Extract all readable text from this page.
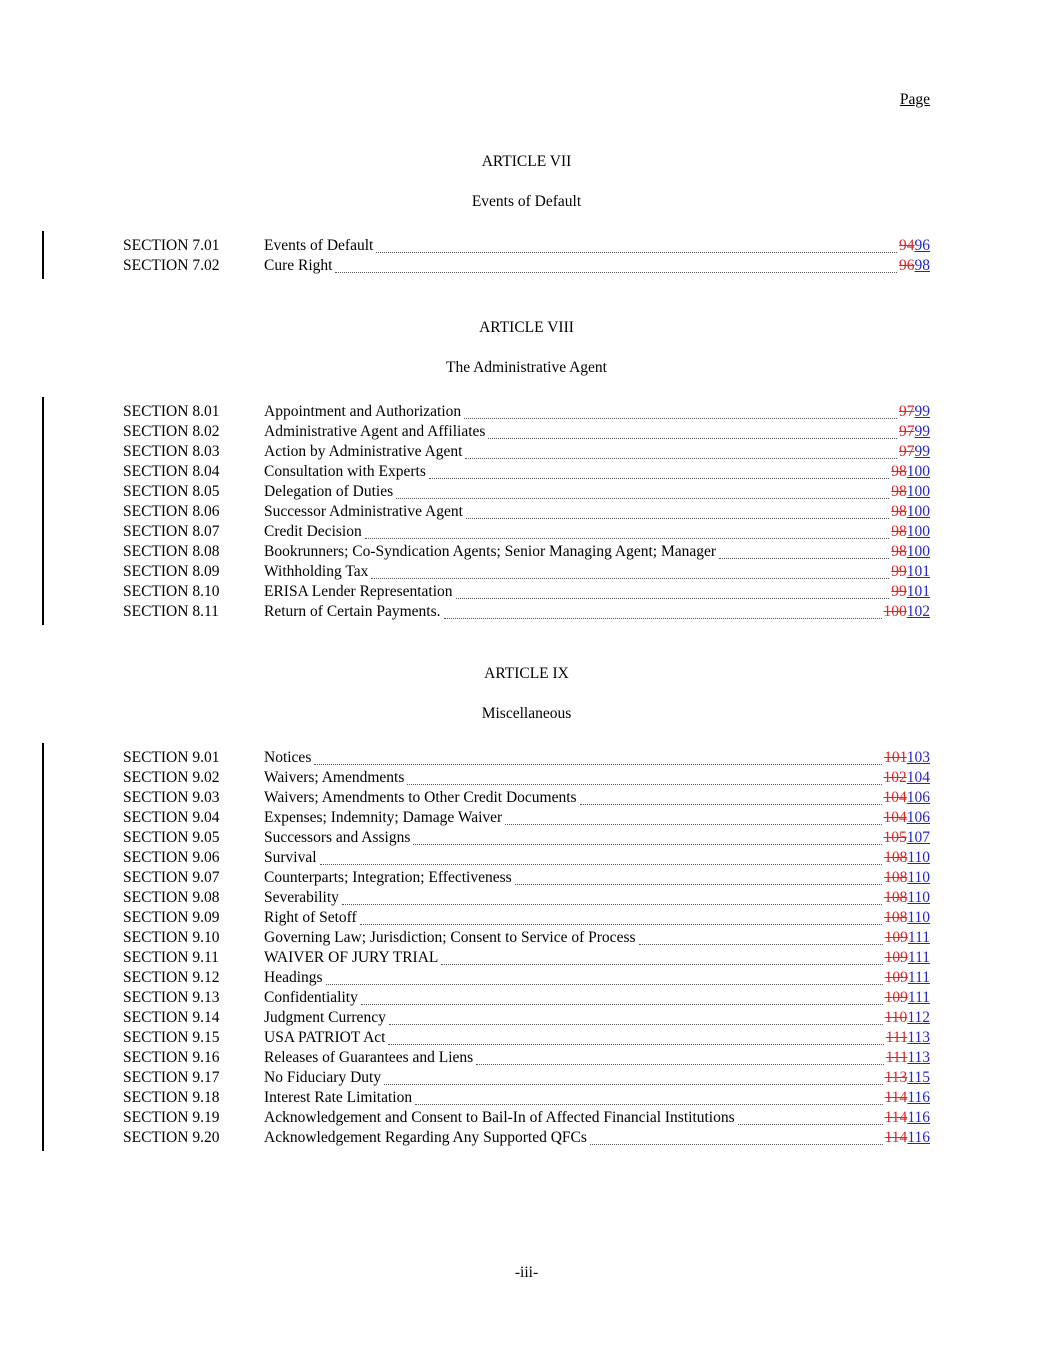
Page
ARTICLE VII
Events of Default
SECTION 7.01	Events of Default	9496
SECTION 7.02	Cure Right	9698
ARTICLE VIII
The Administrative Agent
SECTION 8.01	Appointment and Authorization	9799
SECTION 8.02	Administrative Agent and Affiliates	9799
SECTION 8.03	Action by Administrative Agent	9799
SECTION 8.04	Consultation with Experts	98100
SECTION 8.05	Delegation of Duties	98100
SECTION 8.06	Successor Administrative Agent	98100
SECTION 8.07	Credit Decision	98100
SECTION 8.08	Bookrunners; Co-Syndication Agents; Senior Managing Agent; Manager	98100
SECTION 8.09	Withholding Tax	99101
SECTION 8.10	ERISA Lender Representation	99101
SECTION 8.11	Return of Certain Payments.	100102
ARTICLE IX
Miscellaneous
SECTION 9.01	Notices	101103
SECTION 9.02	Waivers; Amendments	102104
SECTION 9.03	Waivers; Amendments to Other Credit Documents	104106
SECTION 9.04	Expenses; Indemnity; Damage Waiver	104106
SECTION 9.05	Successors and Assigns	105107
SECTION 9.06	Survival	108110
SECTION 9.07	Counterparts; Integration; Effectiveness	108110
SECTION 9.08	Severability	108110
SECTION 9.09	Right of Setoff	108110
SECTION 9.10	Governing Law; Jurisdiction; Consent to Service of Process	109111
SECTION 9.11	WAIVER OF JURY TRIAL	109111
SECTION 9.12	Headings	109111
SECTION 9.13	Confidentiality	109111
SECTION 9.14	Judgment Currency	110112
SECTION 9.15	USA PATRIOT Act	111113
SECTION 9.16	Releases of Guarantees and Liens	111113
SECTION 9.17	No Fiduciary Duty	113115
SECTION 9.18	Interest Rate Limitation	114116
SECTION 9.19	Acknowledgement and Consent to Bail-In of Affected Financial Institutions	114116
SECTION 9.20	Acknowledgement Regarding Any Supported QFCs	114116
-iii-
